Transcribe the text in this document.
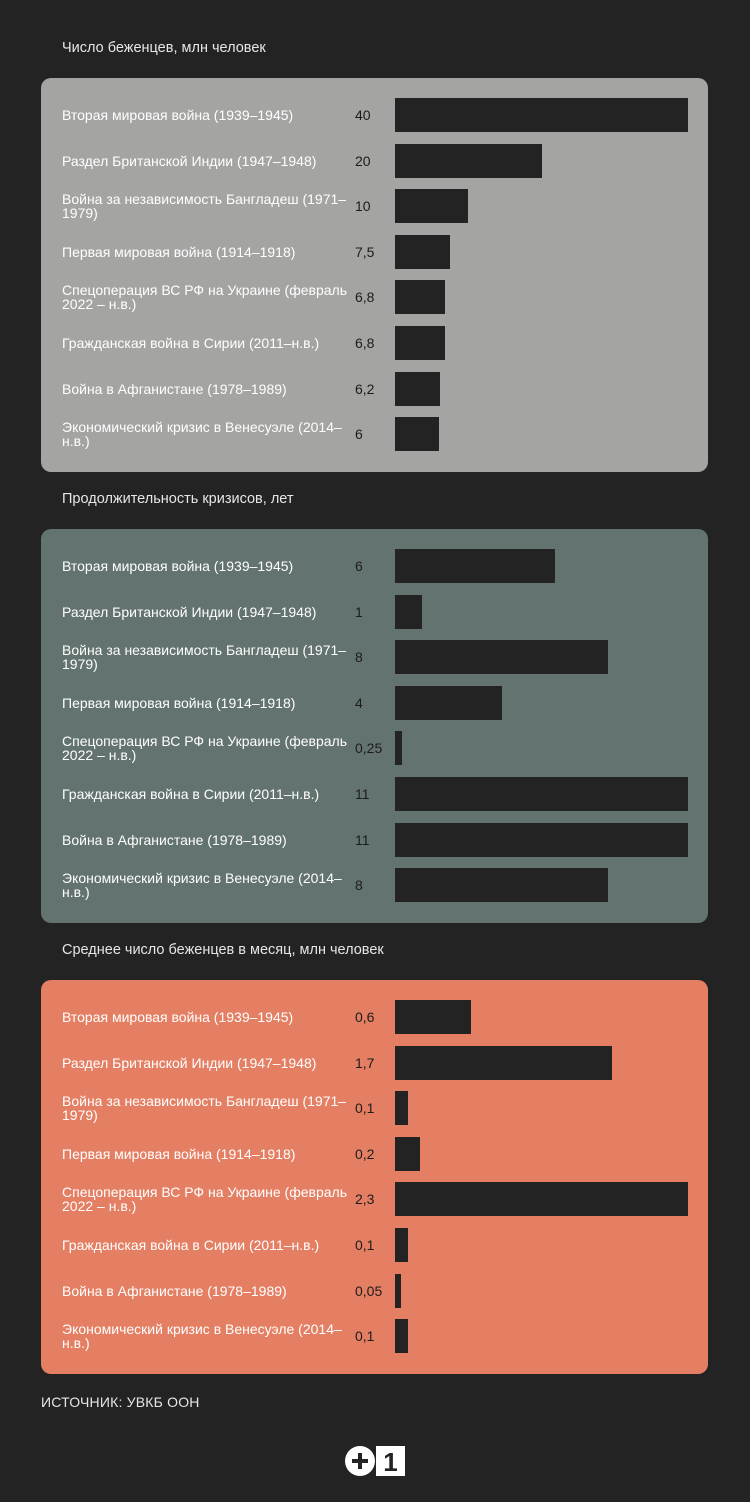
Число беженцев, млн человек
Вторая мировая война (1939–1945)	40
Раздел Британской Индии (1947–1948)	20
Война за независимость Бангладеш (1971–1979)	10
Первая мировая война (1914–1918)	7,5
Спецоперация ВС РФ на Украине (февраль 2022 – н.в.)	6,8
Гражданская война в Сирии (2011–н.в.)	6,8
Война в Афганистане (1978–1989)	6,2
Экономический кризис в Венесуэле (2014–н.в.)	6
Продолжительность кризисов, лет
Вторая мировая война (1939–1945)	6
Раздел Британской Индии (1947–1948)	1
Война за независимость Бангладеш (1971–1979)	8
Первая мировая война (1914–1918)	4
Спецоперация ВС РФ на Украине (февраль 2022 – н.в.)	0,25
Гражданская война в Сирии (2011–н.в.)	11
Война в Афганистане (1978–1989)	11
Экономический кризис в Венесуэле (2014–н.в.)	8
Среднее число беженцев в месяц, млн человек
Вторая мировая война (1939–1945)	0,6
Раздел Британской Индии (1947–1948)	1,7
Война за независимость Бангладеш (1971–1979)	0,1
Первая мировая война (1914–1918)	0,2
Спецоперация ВС РФ на Украине (февраль 2022 – н.в.)	2,3
Гражданская война в Сирии (2011–н.в.)	0,1
Война в Афганистане (1978–1989)	0,05
Экономический кризис в Венесуэле (2014–н.в.)	0,1
ИСТОЧНИК: УВКБ ООН
1
